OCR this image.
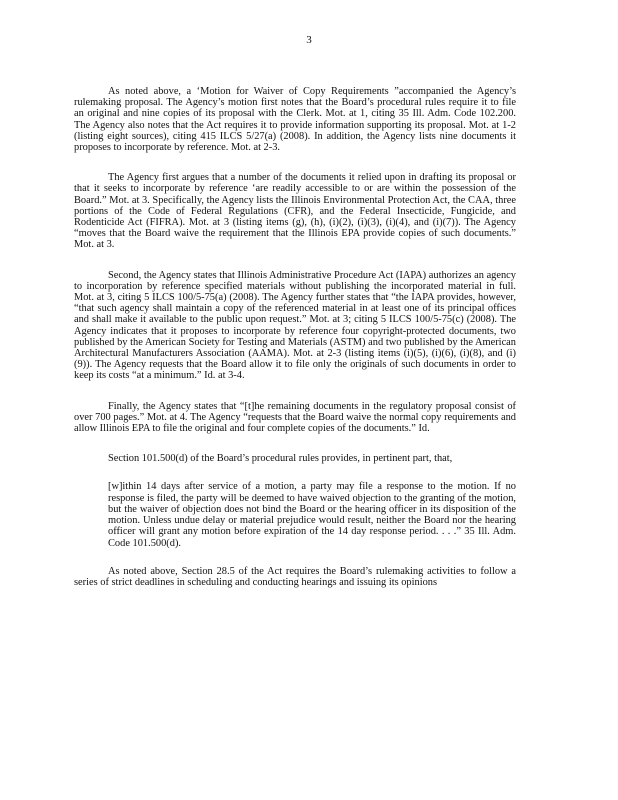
3

As noted above, a ‘Motion for Waiver of Copy Requirements ”accompanied the Agency’s rulemaking proposal. The Agency’s motion first notes that the Board’s procedural rules require it to file an original and nine copies of its proposal with the Clerk. Mot. at 1, citing 35 Ill. Adm. Code 102.200. The Agency also notes that the Act requires it to provide information supporting its proposal. Mot. at 1-2 (listing eight sources), citing 415 ILCS 5/27(a) (2008). In addition, the Agency lists nine documents it proposes to incorporate by reference. Mot. at 2-3.

The Agency first argues that a number of the documents it relied upon in drafting its proposal or that it seeks to incorporate by reference ‘are readily accessible to or are within the possession of the Board.” Mot. at 3. Specifically, the Agency lists the Illinois Environmental Protection Act, the CAA, three portions of the Code of Federal Regulations (CFR), and the Federal Insecticide, Fungicide, and Rodenticide Act (FIFRA). Mot. at 3 (listing items (g), (h), (i)(2), (i)(3), (i)(4), and (i)(7)). The Agency “moves that the Board waive the requirement that the Illinois EPA provide copies of such documents.” Mot. at 3.

Second, the Agency states that Illinois Administrative Procedure Act (IAPA) authorizes an agency to incorporation by reference specified materials without publishing the incorporated material in full. Mot. at 3, citing 5 ILCS 100/5-75(a) (2008). The Agency further states that “the IAPA provides, however, “that such agency shall maintain a copy of the referenced material in at least one of its principal offices and shall make it available to the public upon request.” Mot. at 3; citing 5 ILCS 100/5-75(c) (2008). The Agency indicates that it proposes to incorporate by reference four copyright-protected documents, two published by the American Society for Testing and Materials (ASTM) and two published by the American Architectural Manufacturers Association (AAMA). Mot. at 2-3 (listing items (i)(5), (i)(6), (i)(8), and (i)(9)). The Agency requests that the Board allow it to file only the originals of such documents in order to keep its costs “at a minimum.” Id. at 3-4.

Finally, the Agency states that “[t]he remaining documents in the regulatory proposal consist of over 700 pages.” Mot. at 4. The Agency “requests that the Board waive the normal copy requirements and allow Illinois EPA to file the original and four complete copies of the documents.” Id.

Section 101.500(d) of the Board’s procedural rules provides, in pertinent part, that,

[w]ithin 14 days after service of a motion, a party may file a response to the motion. If no response is filed, the party will be deemed to have waived objection to the granting of the motion, but the waiver of objection does not bind the Board or the hearing officer in its disposition of the motion. Unless undue delay or material prejudice would result, neither the Board nor the hearing officer will grant any motion before expiration of the 14 day response period. . . .” 35 Ill. Adm. Code 101.500(d).

As noted above, Section 28.5 of the Act requires the Board’s rulemaking activities to follow a series of strict deadlines in scheduling and conducting hearings and issuing its opinions
